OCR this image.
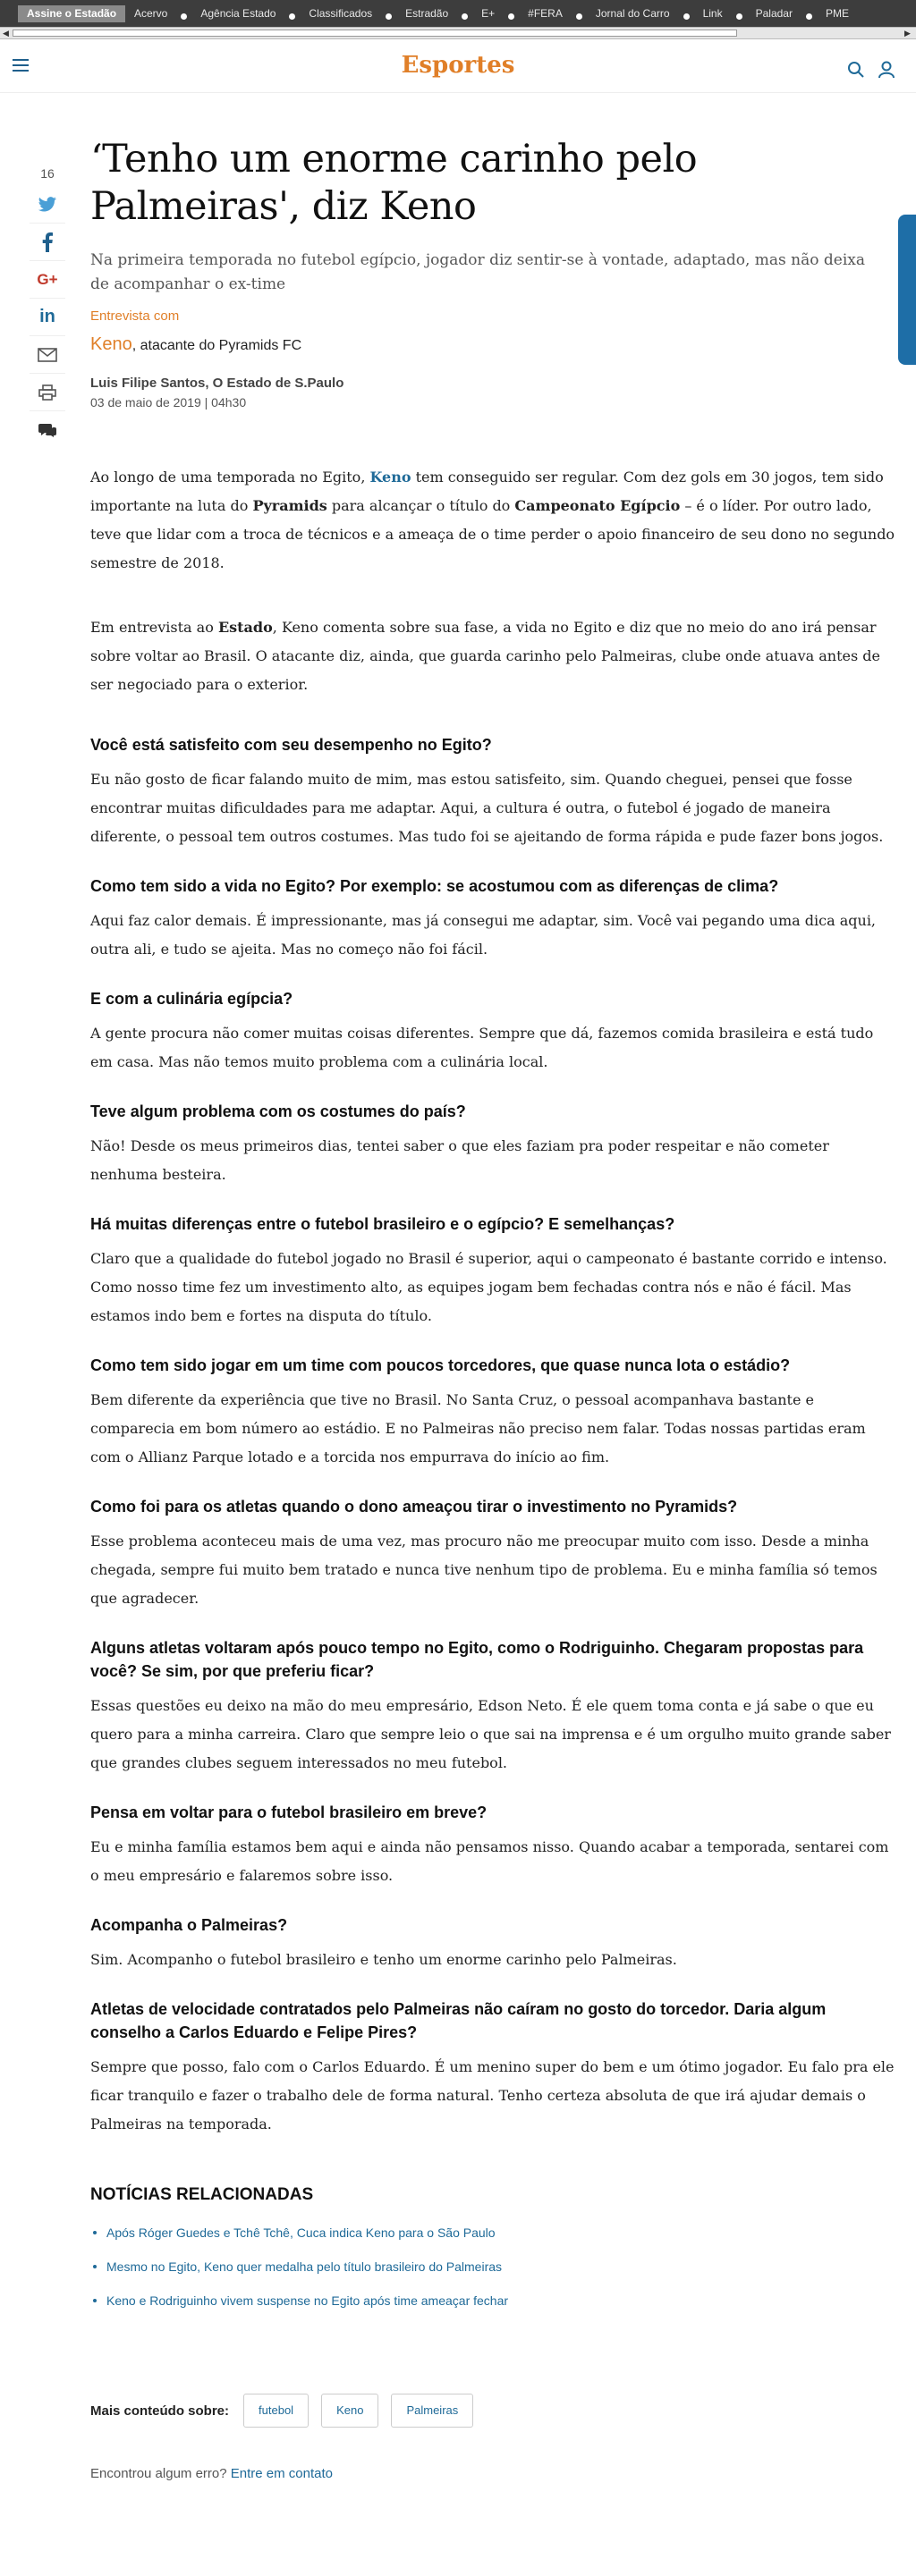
Assine o Estadão	Acervo	Agência Estado	Classificados	Estradão	E+	#FERA	Jornal do Carro	Link	Paladar	PME
◀	▶
Esportes
16
G+
in
‘Tenho um enorme carinho pelo Palmeiras', diz Keno
Na primeira temporada no futebol egípcio, jogador diz sentir-se à vontade, adaptado, mas não deixa de acompanhar o ex-time
Entrevista com
Keno, atacante do Pyramids FC
Luis Filipe Santos, O Estado de S.Paulo
03 de maio de 2019 | 04h30

Ao longo de uma temporada no Egito, Keno tem conseguido ser regular. Com dez gols em 30 jogos, tem sido importante na luta do Pyramids para alcançar o título do Campeonato Egípcio – é o líder. Por outro lado, teve que lidar com a troca de técnicos e a ameaça de o time perder o apoio financeiro de seu dono no segundo semestre de 2018.

Em entrevista ao Estado, Keno comenta sobre sua fase, a vida no Egito e diz que no meio do ano irá pensar sobre voltar ao Brasil. O atacante diz, ainda, que guarda carinho pelo Palmeiras, clube onde atuava antes de ser negociado para o exterior.

Você está satisfeito com seu desempenho no Egito?

Eu não gosto de ficar falando muito de mim, mas estou satisfeito, sim. Quando cheguei, pensei que fosse encontrar muitas dificuldades para me adaptar. Aqui, a cultura é outra, o futebol é jogado de maneira diferente, o pessoal tem outros costumes. Mas tudo foi se ajeitando de forma rápida e pude fazer bons jogos.

Como tem sido a vida no Egito? Por exemplo: se acostumou com as diferenças de clima?

Aqui faz calor demais. É impressionante, mas já consegui me adaptar, sim. Você vai pegando uma dica aqui, outra ali, e tudo se ajeita. Mas no começo não foi fácil.

E com a culinária egípcia?

A gente procura não comer muitas coisas diferentes. Sempre que dá, fazemos comida brasileira e está tudo em casa. Mas não temos muito problema com a culinária local.

Teve algum problema com os costumes do país?

Não! Desde os meus primeiros dias, tentei saber o que eles faziam pra poder respeitar e não cometer nenhuma besteira.

Há muitas diferenças entre o futebol brasileiro e o egípcio? E semelhanças?

Claro que a qualidade do futebol jogado no Brasil é superior, aqui o campeonato é bastante corrido e intenso. Como nosso time fez um investimento alto, as equipes jogam bem fechadas contra nós e não é fácil. Mas estamos indo bem e fortes na disputa do título.

Como tem sido jogar em um time com poucos torcedores, que quase nunca lota o estádio?

Bem diferente da experiência que tive no Brasil. No Santa Cruz, o pessoal acompanhava bastante e comparecia em bom número ao estádio. E no Palmeiras não preciso nem falar. Todas nossas partidas eram com o Allianz Parque lotado e a torcida nos empurrava do início ao fim.

Como foi para os atletas quando o dono ameaçou tirar o investimento no Pyramids?

Esse problema aconteceu mais de uma vez, mas procuro não me preocupar muito com isso. Desde a minha chegada, sempre fui muito bem tratado e nunca tive nenhum tipo de problema. Eu e minha família só temos que agradecer.

Alguns atletas voltaram após pouco tempo no Egito, como o Rodriguinho. Chegaram propostas para você? Se sim, por que preferiu ficar?

Essas questões eu deixo na mão do meu empresário, Edson Neto. É ele quem toma conta e já sabe o que eu quero para a minha carreira. Claro que sempre leio o que sai na imprensa e é um orgulho muito grande saber que grandes clubes seguem interessados no meu futebol.

Pensa em voltar para o futebol brasileiro em breve?

Eu e minha família estamos bem aqui e ainda não pensamos nisso. Quando acabar a temporada, sentarei com o meu empresário e falaremos sobre isso.

Acompanha o Palmeiras?

Sim. Acompanho o futebol brasileiro e tenho um enorme carinho pelo Palmeiras.

Atletas de velocidade contratados pelo Palmeiras não caíram no gosto do torcedor. Daria algum conselho a Carlos Eduardo e Felipe Pires?

Sempre que posso, falo com o Carlos Eduardo. É um menino super do bem e um ótimo jogador. Eu falo pra ele ficar tranquilo e fazer o trabalho dele de forma natural. Tenho certeza absoluta de que irá ajudar demais o Palmeiras na temporada.

NOTÍCIAS RELACIONADAS
Após Róger Guedes e Tchê Tchê, Cuca indica Keno para o São Paulo
Mesmo no Egito, Keno quer medalha pelo título brasileiro do Palmeiras
Keno e Rodriguinho vivem suspense no Egito após time ameaçar fechar
Mais conteúdo sobre:	futebol	Keno	Palmeiras
Encontrou algum erro? Entre em contato
